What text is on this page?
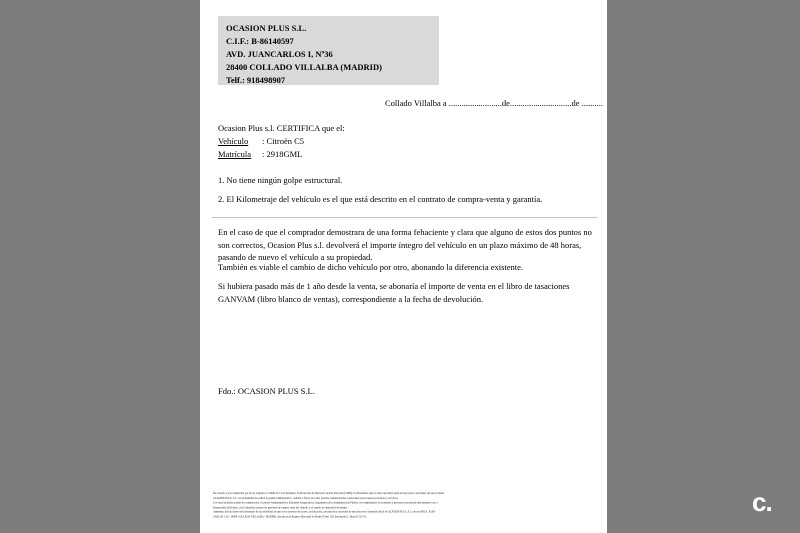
OCASION PLUS S.L.
C.I.F.: B-86140597
AVD. JUANCARLOS I, Nº36
28400 COLLADO VILLALBA (MADRID)
Telf.: 918498907
Collado Villalba a .........................de.............................de ..........
Ocasion Plus s.l. CERTIFICA que el:
Vehículo : Citroën C5
Matrícula : 2918GML
1. No tiene ningún golpe estructural.
2. El Kilometraje del vehículo es el que está descrito en el contrato de compra-venta y garantía.
En el caso de que el comprador demostrara de una forma fehaciente y clara que alguno de estos dos puntos no son correctos, Ocasion Plus s.l. devolverá el importe íntegro del vehículo en un plazo máximo de 48 horas, pasando de nuevo el vehículo a su propiedad.
También es viable el cambio de dicho vehículo por otro, abonando la diferencia existente.
Si hubiera pasado más de 1 año desde la venta, se abonaría el importe de venta en el libro de tasaciones GANVAM (libro blanco de ventas), correspondiente a la fecha de devolución.
Fdo.: OCASION PLUS S.L.
De acuerdo con lo establecido por la Ley Orgánica 15/1999, de 13 de diciembre, de Protección de Datos de Carácter Personal (LOPD), le informamos que los datos aportados serán incorporados a un fichero del que es titular
OCASIÓN PLUS, S.L. con la finalidad de realizar la gestión administrativa, contable y fiscal, así como enviarle comunicaciones comerciales sobre nuestros productos y servicios.
Los datos incluidos podrán ser comunicados a Gestores Administrativos, Entidades Aseguradoras, Organismos de la Administración Pública con competencias en la materia y personas relacionadas directamente con el
Responsable del fichero, con la finalidad realizar las gestiones de compra venta del vehículo y el cambio de titularidad del mismo.
Asimismo, declara haber sido informado de la posibilidad de ejercer los derechos de acceso, rectificación, cancelación y oposición de mis datos en el domicilio fiscal de OCASIÓN PLUS, S.L. sito en AVDA. JUAN
CARLOS I, 36 - 28400 COLLADO VILLALBA - MADRID. Inscrita en el Registro Mercantil de Madrid Tomo 130, Inscripción 1, Hoja M 512731.	c.
